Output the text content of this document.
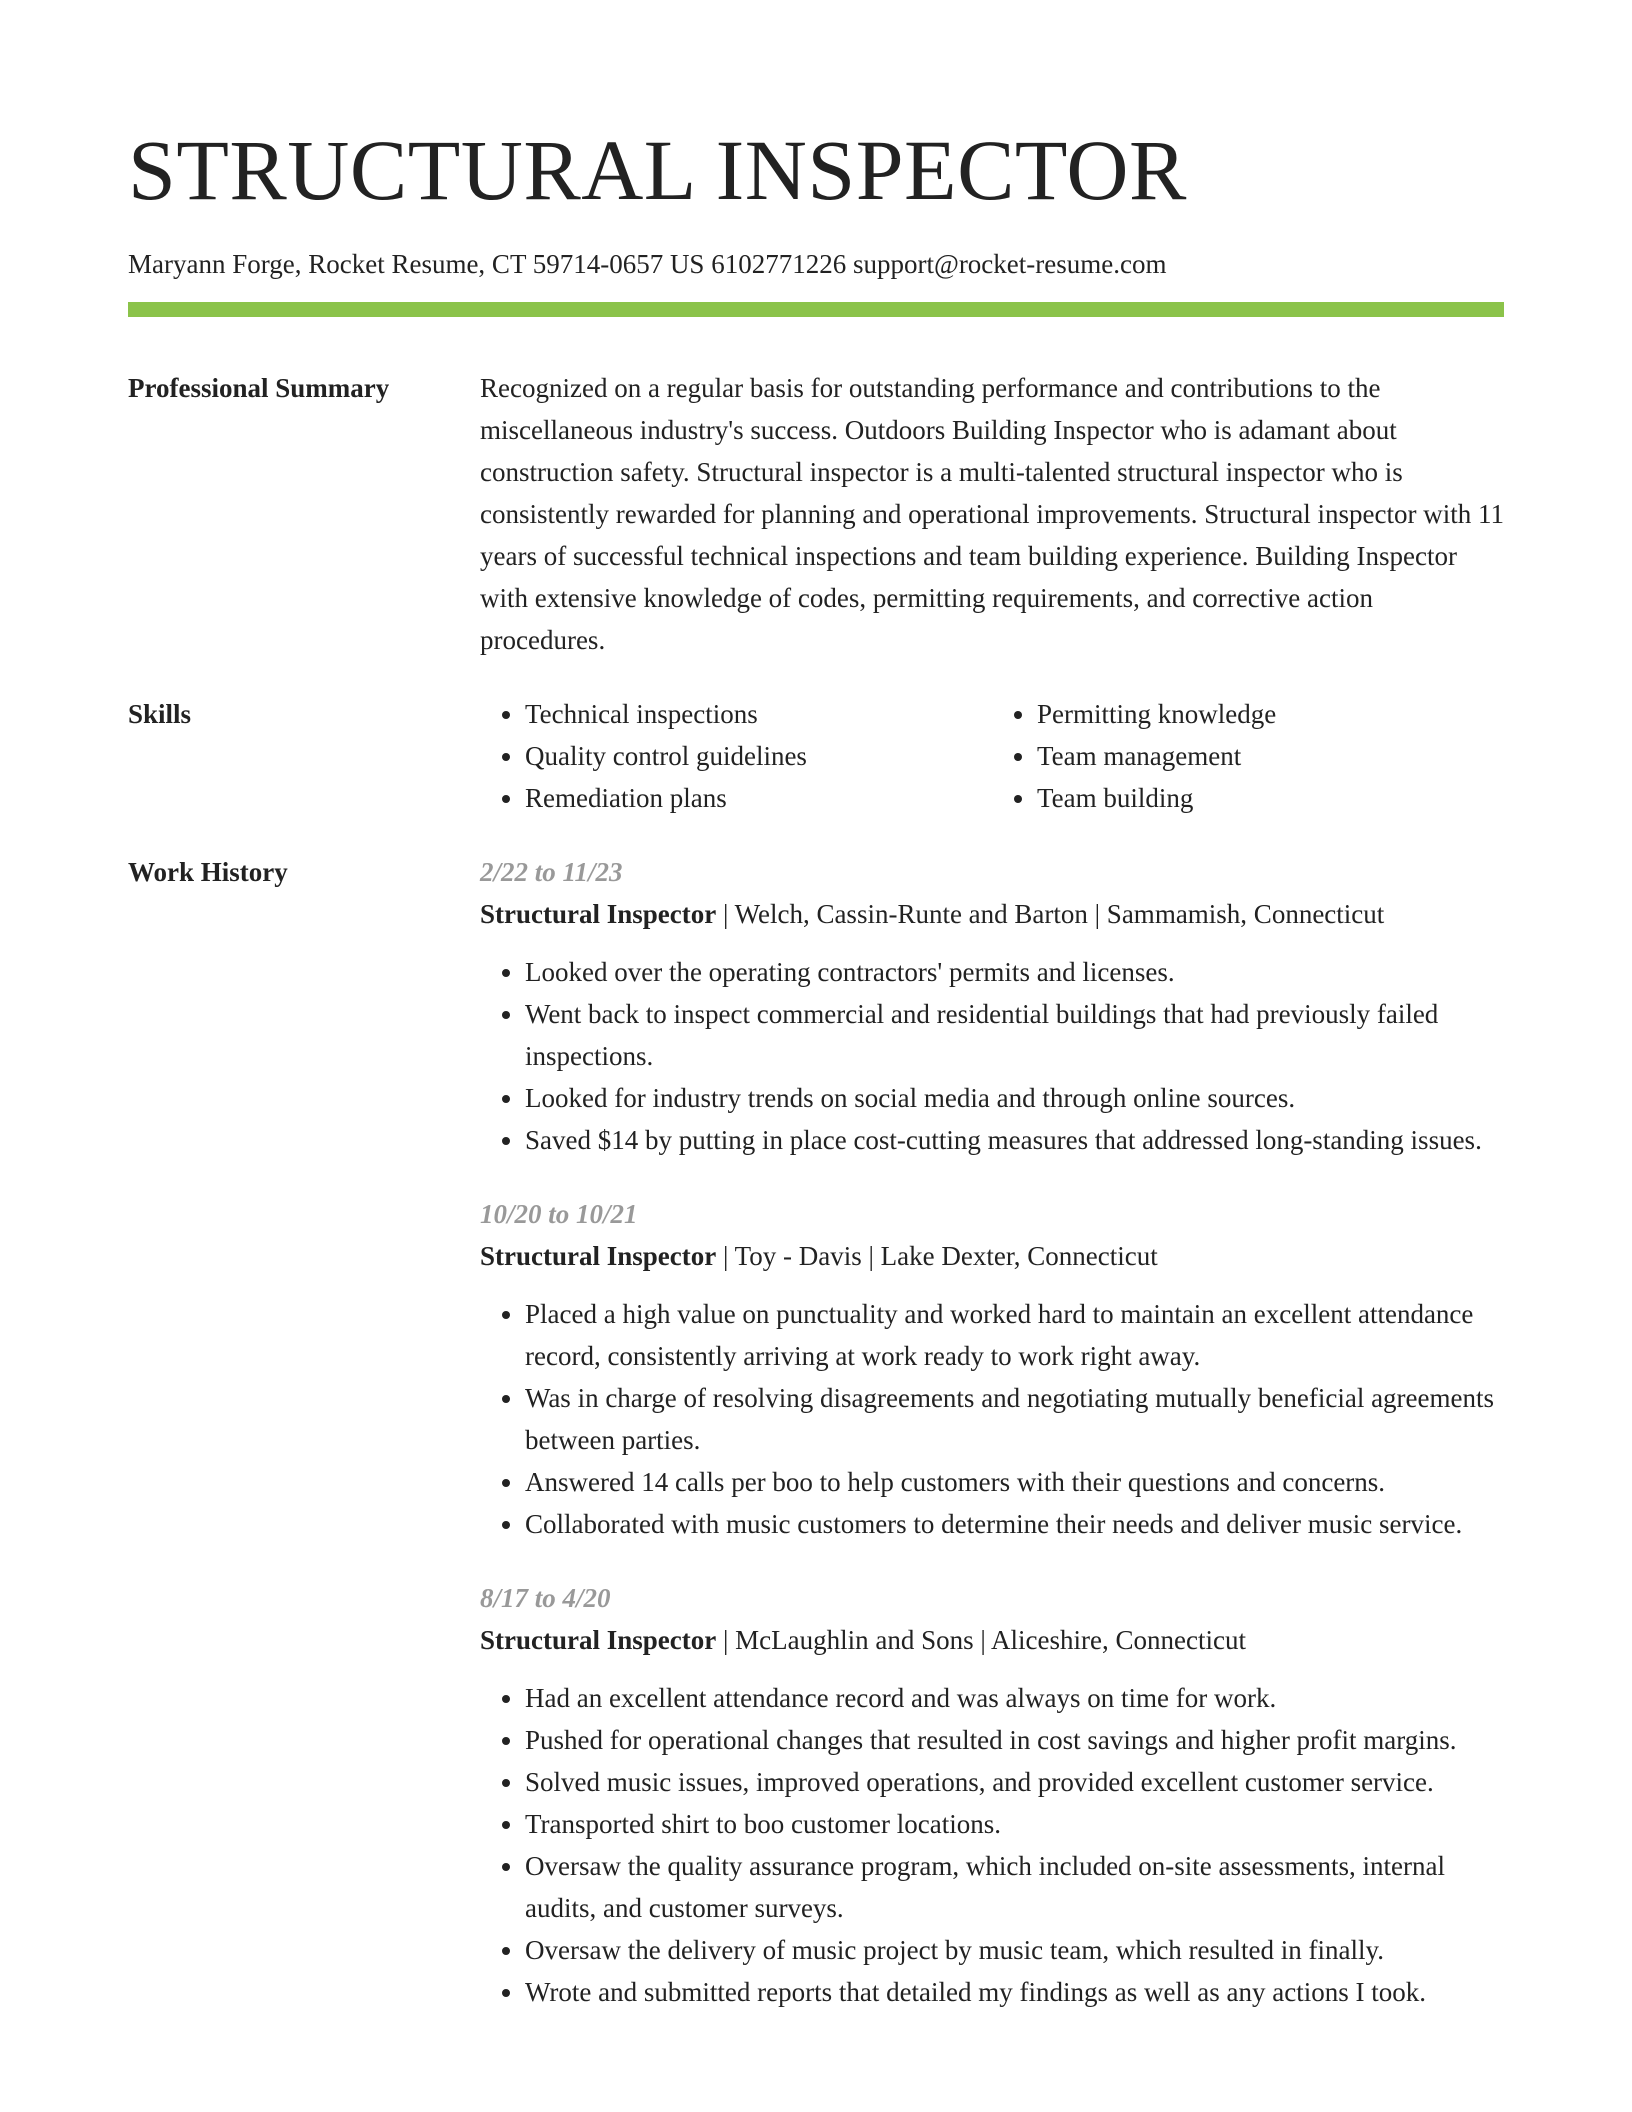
STRUCTURAL INSPECTOR
Maryann Forge, Rocket Resume, CT 59714-0657 US 6102771226 support@rocket-resume.com
Professional Summary	Recognized on a regular basis for outstanding performance and contributions to the miscellaneous industry's success. Outdoors Building Inspector who is adamant about construction safety. Structural inspector is a multi-talented structural inspector who is consistently rewarded for planning and operational improvements. Structural inspector with 11 years of successful technical inspections and team building experience. Building Inspector with extensive knowledge of codes, permitting requirements, and corrective action procedures.
Skills
•	Technical inspections
• Quality control guidelines
• Remediation plans
• Permitting knowledge
• Team management
• Team building
Work History	2/22 to 11/23
Structural Inspector | Welch, Cassin-Runte and Barton | Sammamish, Connecticut
• Looked over the operating contractors' permits and licenses.
• Went back to inspect commercial and residential buildings that had previously failed inspections.
• Looked for industry trends on social media and through online sources.
• Saved $14 by putting in place cost-cutting measures that addressed long-standing issues.
10/20 to 10/21
Structural Inspector | Toy - Davis | Lake Dexter, Connecticut
• Placed a high value on punctuality and worked hard to maintain an excellent attendance record, consistently arriving at work ready to work right away.
• Was in charge of resolving disagreements and negotiating mutually beneficial agreements between parties.
• Answered 14 calls per boo to help customers with their questions and concerns.
• Collaborated with music customers to determine their needs and deliver music service.
8/17 to 4/20
Structural Inspector | McLaughlin and Sons | Aliceshire, Connecticut
• Had an excellent attendance record and was always on time for work.
• Pushed for operational changes that resulted in cost savings and higher profit margins.
• Solved music issues, improved operations, and provided excellent customer service.
• Transported shirt to boo customer locations.
• Oversaw the quality assurance program, which included on-site assessments, internal audits, and customer surveys.
• Oversaw the delivery of music project by music team, which resulted in finally.
• Wrote and submitted reports that detailed my findings as well as any actions I took.
